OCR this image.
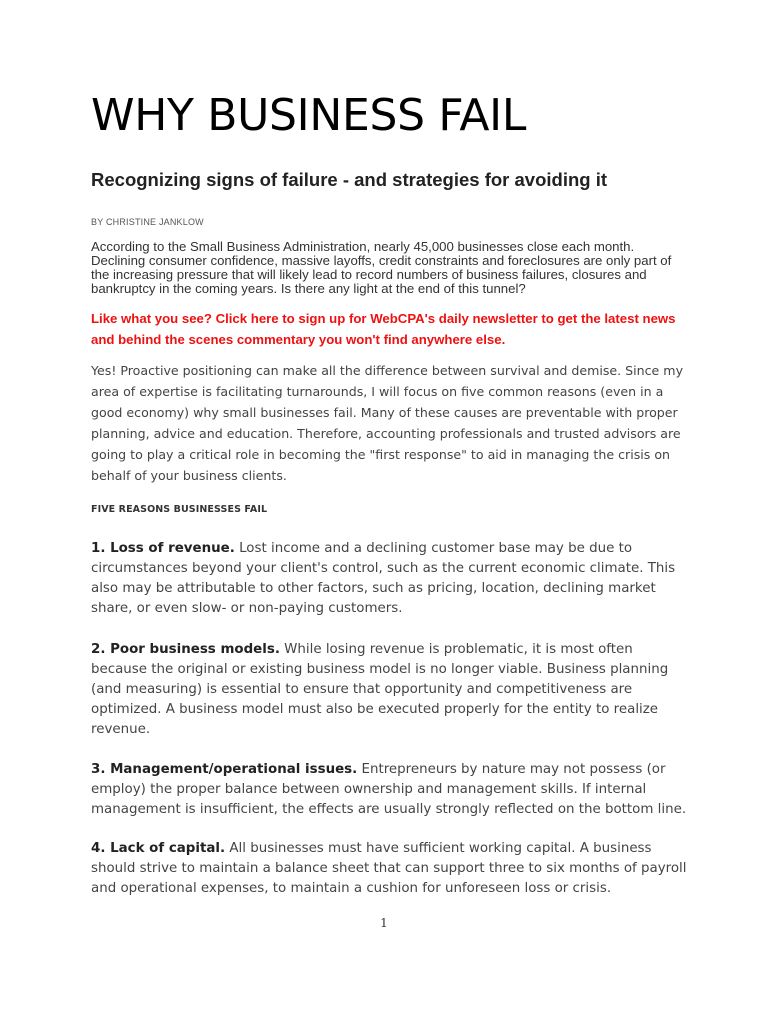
WHY BUSINESS FAIL
Recognizing signs of failure - and strategies for avoiding it

BY CHRISTINE JANKLOW

According to the Small Business Administration, nearly 45,000 businesses close each month. Declining consumer confidence, massive layoffs, credit constraints and foreclosures are only part of the increasing pressure that will likely lead to record numbers of business failures, closures and bankruptcy in the coming years. Is there any light at the end of this tunnel?

Like what you see? Click here to sign up for WebCPA's daily newsletter to get the latest news and behind the scenes commentary you won't find anywhere else.

Yes! Proactive positioning can make all the difference between survival and demise. Since my area of expertise is facilitating turnarounds, I will focus on five common reasons (even in a good economy) why small businesses fail. Many of these causes are preventable with proper planning, advice and education. Therefore, accounting professionals and trusted advisors are going to play a critical role in becoming the "first response" to aid in managing the crisis on behalf of your business clients.

FIVE REASONS BUSINESSES FAIL

1. Loss of revenue. Lost income and a declining customer base may be due to circumstances beyond your client's control, such as the current economic climate. This also may be attributable to other factors, such as pricing, location, declining market share, or even slow- or non-paying customers.

2. Poor business models. While losing revenue is problematic, it is most often because the original or existing business model is no longer viable. Business planning (and measuring) is essential to ensure that opportunity and competitiveness are optimized. A business model must also be executed properly for the entity to realize revenue.

3. Management/operational issues. Entrepreneurs by nature may not possess (or employ) the proper balance between ownership and management skills. If internal management is insufficient, the effects are usually strongly reflected on the bottom line.

4. Lack of capital. All businesses must have sufficient working capital. A business should strive to maintain a balance sheet that can support three to six months of payroll and operational expenses, to maintain a cushion for unforeseen loss or crisis.

1
